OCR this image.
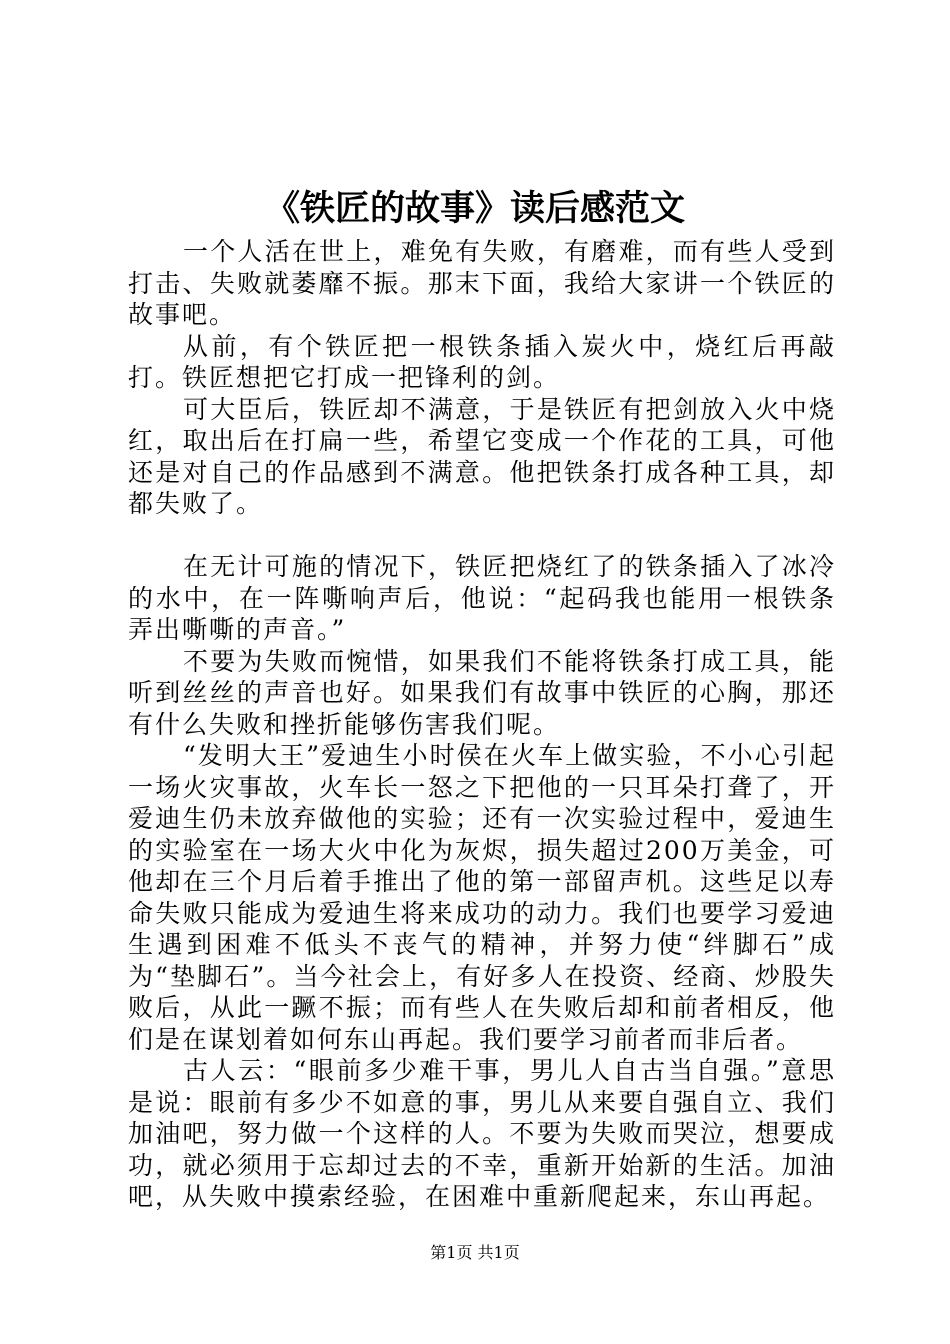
《铁匠的故事》读后感范文

一个人活在世上，难免有失败，有磨难，而有些人受到打击、失败就萎靡不振。那末下面，我给大家讲一个铁匠的故事吧。

从前，有个铁匠把一根铁条插入炭火中，烧红后再敲打。铁匠想把它打成一把锋利的剑。

可大臣后，铁匠却不满意，于是铁匠有把剑放入火中烧红，取出后在打扁一些，希望它变成一个作花的工具，可他还是对自己的作品感到不满意。他把铁条打成各种工具，却都失败了。

在无计可施的情况下，铁匠把烧红了的铁条插入了冰冷的水中，在一阵嘶响声后，他说：“起码我也能用一根铁条弄出嘶嘶的声音。”

不要为失败而惋惜，如果我们不能将铁条打成工具，能听到丝丝的声音也好。如果我们有故事中铁匠的心胸，那还有什么失败和挫折能够伤害我们呢。

“发明大王”爱迪生小时侯在火车上做实验，不小心引起一场火灾事故，火车长一怒之下把他的一只耳朵打聋了，开爱迪生仍未放弃做他的实验；还有一次实验过程中，爱迪生的实验室在一场大火中化为灰烬，损失超过200万美金，可他却在三个月后着手推出了他的第一部留声机。这些足以寿命失败只能成为爱迪生将来成功的动力。我们也要学习爱迪生遇到困难不低头不丧气的精神，并努力使“绊脚石”成为“垫脚石”。当今社会上，有好多人在投资、经商、炒股失败后，从此一蹶不振；而有些人在失败后却和前者相反，他们是在谋划着如何东山再起。我们要学习前者而非后者。

古人云：“眼前多少难干事，男儿人自古当自强。”意思是说：眼前有多少不如意的事，男儿从来要自强自立、我们加油吧，努力做一个这样的人。不要为失败而哭泣，想要成功，就必须用于忘却过去的不幸，重新开始新的生活。加油吧，从失败中摸索经验，在困难中重新爬起来，东山再起。

第1页 共1页
